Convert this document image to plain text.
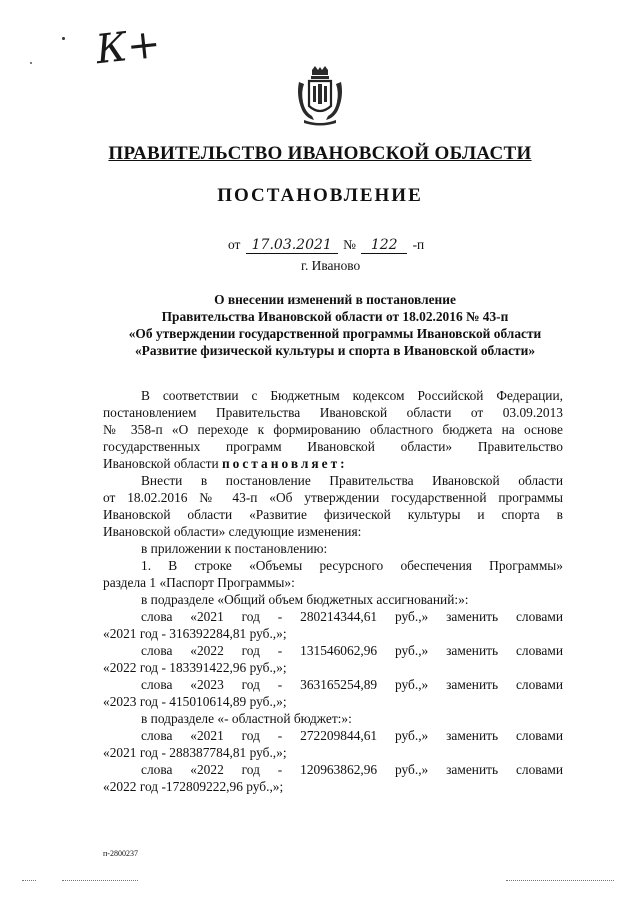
К+
ПРАВИТЕЛЬСТВО ИВАНОВСКОЙ ОБЛАСТИ
ПОСТАНОВЛЕНИЕ
от 17.03.2021 № 122 -п
г. Иваново
О внесении изменений в постановление
Правительства Ивановской области от 18.02.2016 № 43-п
«Об утверждении государственной программы Ивановской области
«Развитие физической культуры и спорта в Ивановской области»

В соответствии с Бюджетным кодексом Российской Федерации,

постановлением Правительства Ивановской области от 03.09.2013

№ 358-п «О переходе к формированию областного бюджета на основе

государственных программ Ивановской области» Правительство

Ивановской области постановляет:

Внести в постановление Правительства Ивановской области

от 18.02.2016 № 43-п «Об утверждении государственной программы

Ивановской области «Развитие физической культуры и спорта в

Ивановской области» следующие изменения:

в приложении к постановлению:

1. В строке «Объемы ресурсного обеспечения Программы»

раздела 1 «Паспорт Программы»:

в подразделе «Общий объем бюджетных ассигнований:»:

слова «2021 год - 280214344,61 руб.,» заменить словами

«2021 год - 316392284,81 руб.,»;

слова «2022 год - 131546062,96 руб.,» заменить словами

«2022 год - 183391422,96 руб.,»;

слова «2023 год - 363165254,89 руб.,» заменить словами

«2023 год - 415010614,89 руб.,»;

в подразделе «- областной бюджет:»:

слова «2021 год - 272209844,61 руб.,» заменить словами

«2021 год - 288387784,81 руб.,»;

слова «2022 год - 120963862,96 руб.,» заменить словами

«2022 год -172809222,96 руб.,»;

п-2800237
